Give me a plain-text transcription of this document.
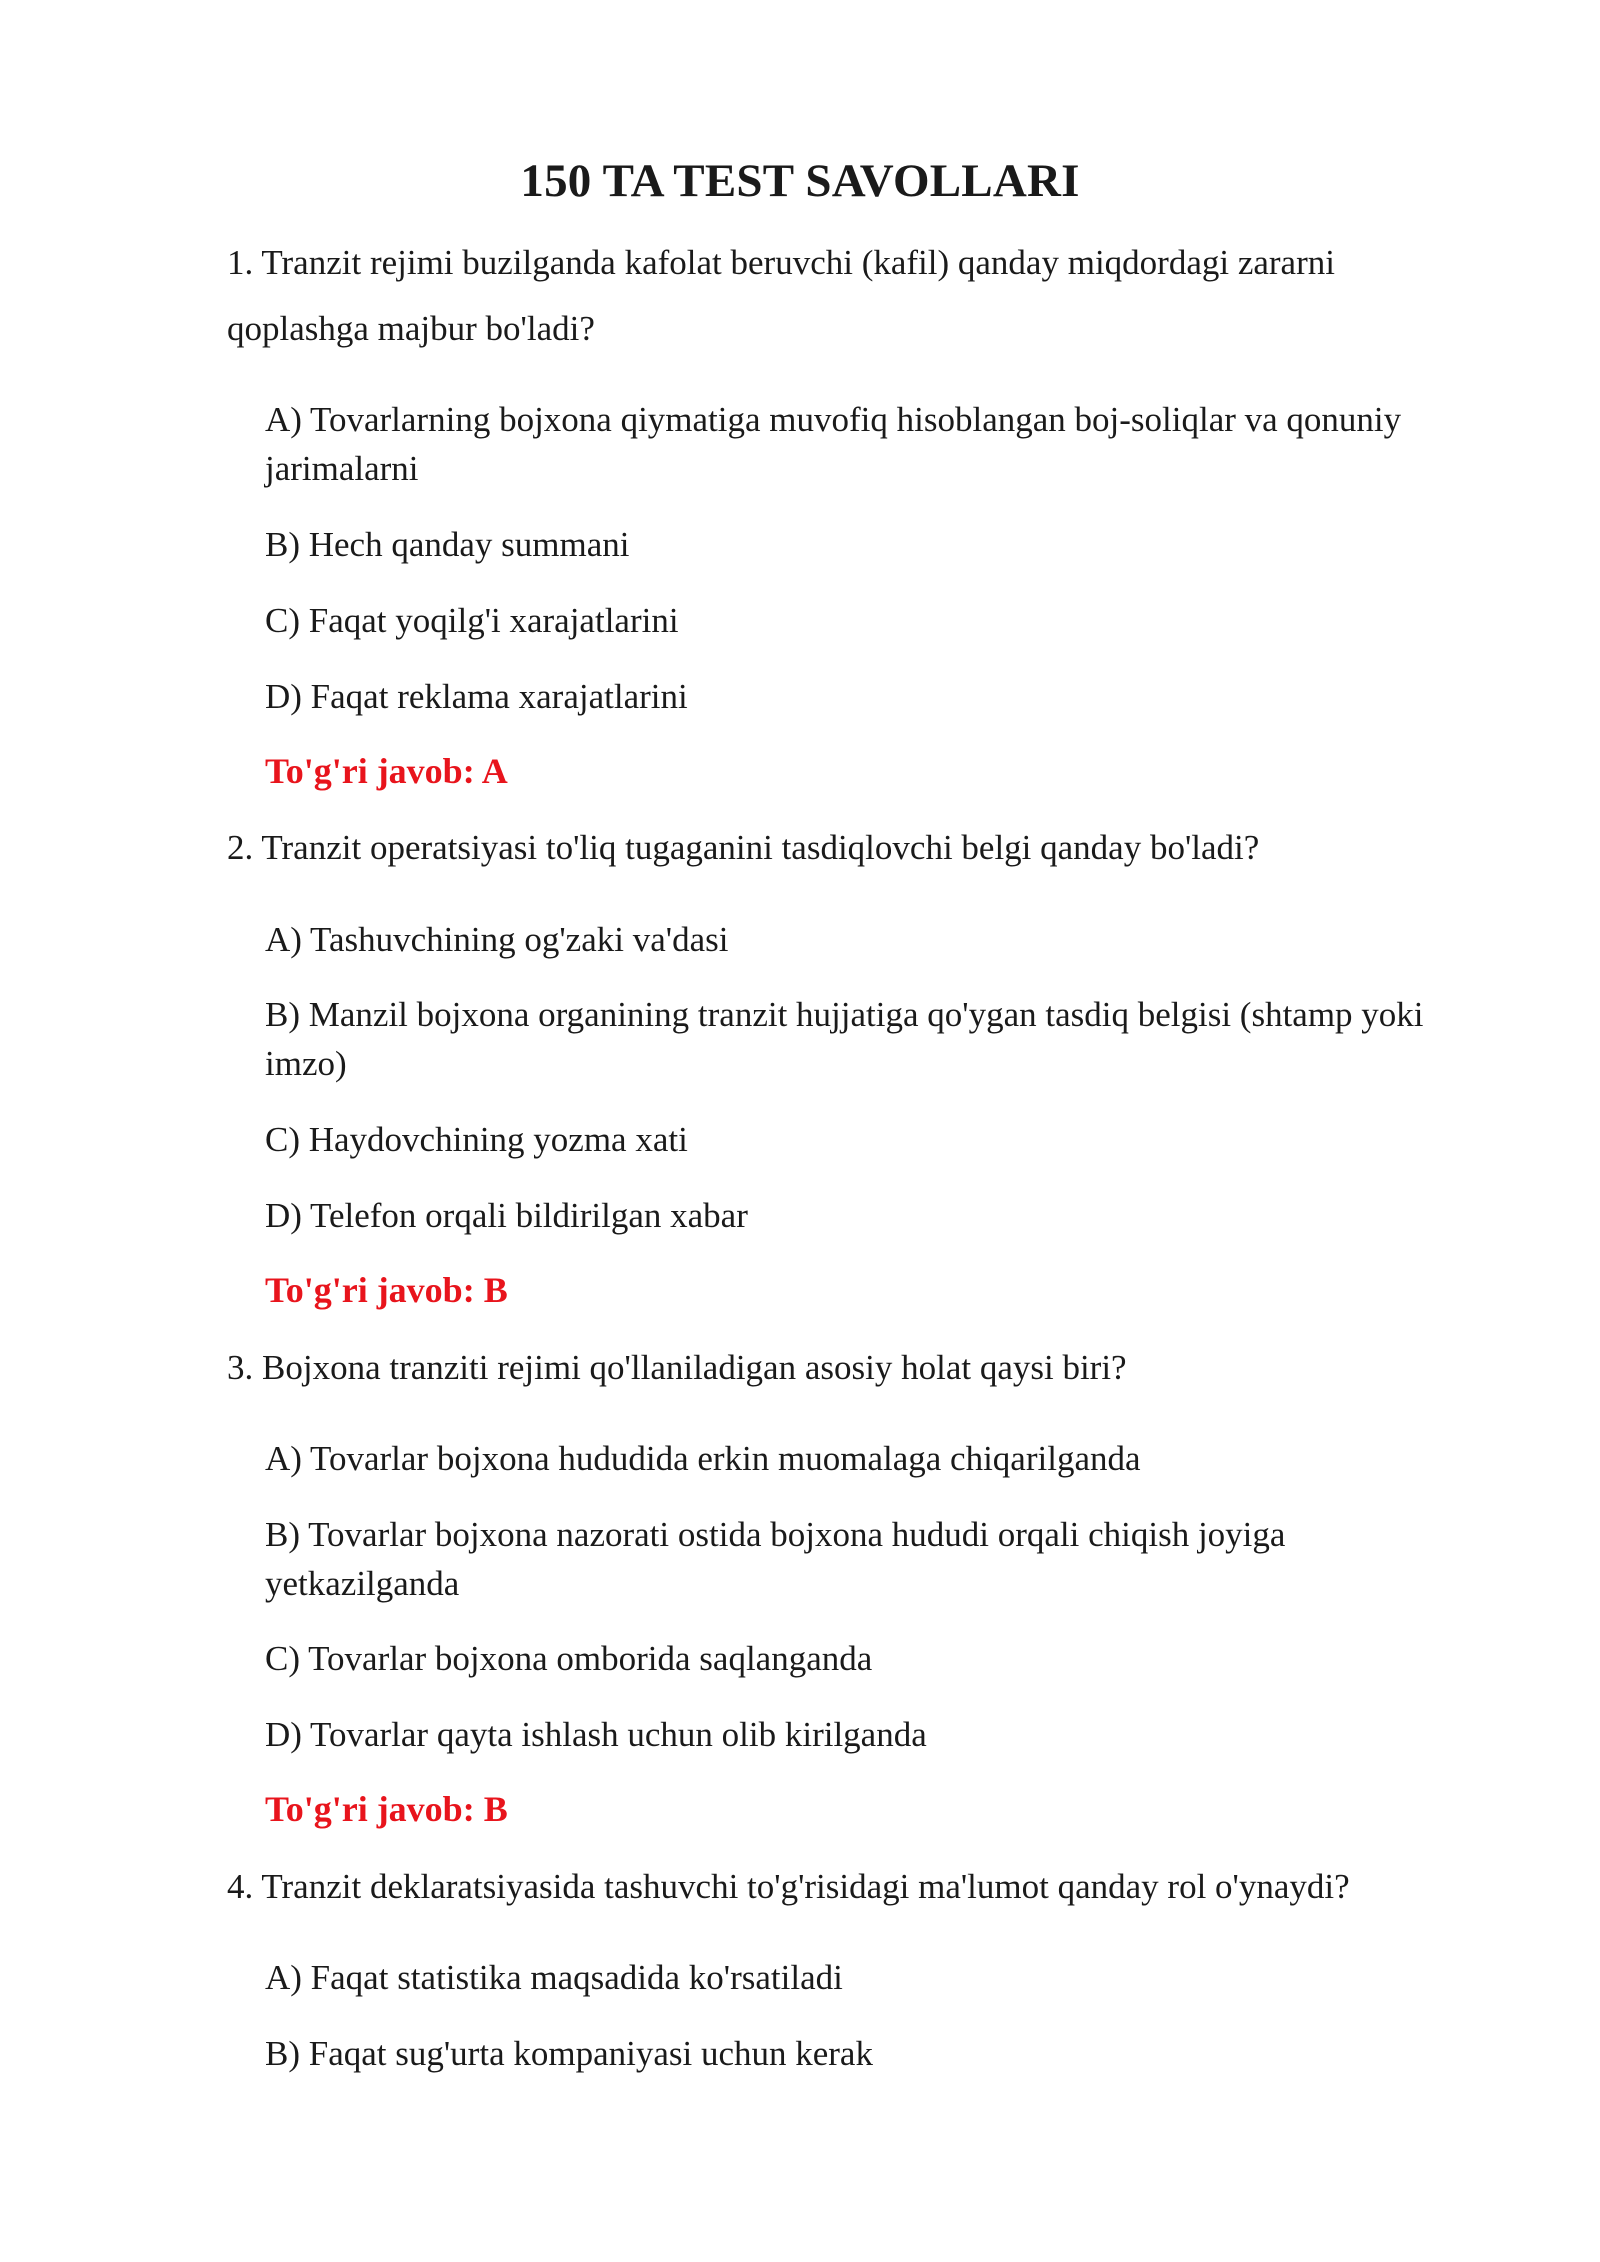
150 TA TEST SAVOLLARI
1. Tranzit rejimi buzilganda kafolat beruvchi (kafil) qanday miqdordagi zararni qoplashga majbur bo'ladi?
A) Tovarlarning bojxona qiymatiga muvofiq hisoblangan boj-soliqlar va qonuniy jarimalarni
B) Hech qanday summani
C) Faqat yoqilg'i xarajatlarini
D) Faqat reklama xarajatlarini
To'g'ri javob: A
2. Tranzit operatsiyasi to'liq tugaganini tasdiqlovchi belgi qanday bo'ladi?
A) Tashuvchining og'zaki va'dasi
B) Manzil bojxona organining tranzit hujjatiga qo'ygan tasdiq belgisi (shtamp yoki imzo)
C) Haydovchining yozma xati
D) Telefon orqali bildirilgan xabar
To'g'ri javob: B
3. Bojxona tranziti rejimi qo'llaniladigan asosiy holat qaysi biri?
A) Tovarlar bojxona hududida erkin muomalaga chiqarilganda
B) Tovarlar bojxona nazorati ostida bojxona hududi orqali chiqish joyiga yetkazilganda
C) Tovarlar bojxona omborida saqlanganda
D) Tovarlar qayta ishlash uchun olib kirilganda
To'g'ri javob: B
4. Tranzit deklaratsiyasida tashuvchi to'g'risidagi ma'lumot qanday rol o'ynaydi?
A) Faqat statistika maqsadida ko'rsatiladi
B) Faqat sug'urta kompaniyasi uchun kerak
